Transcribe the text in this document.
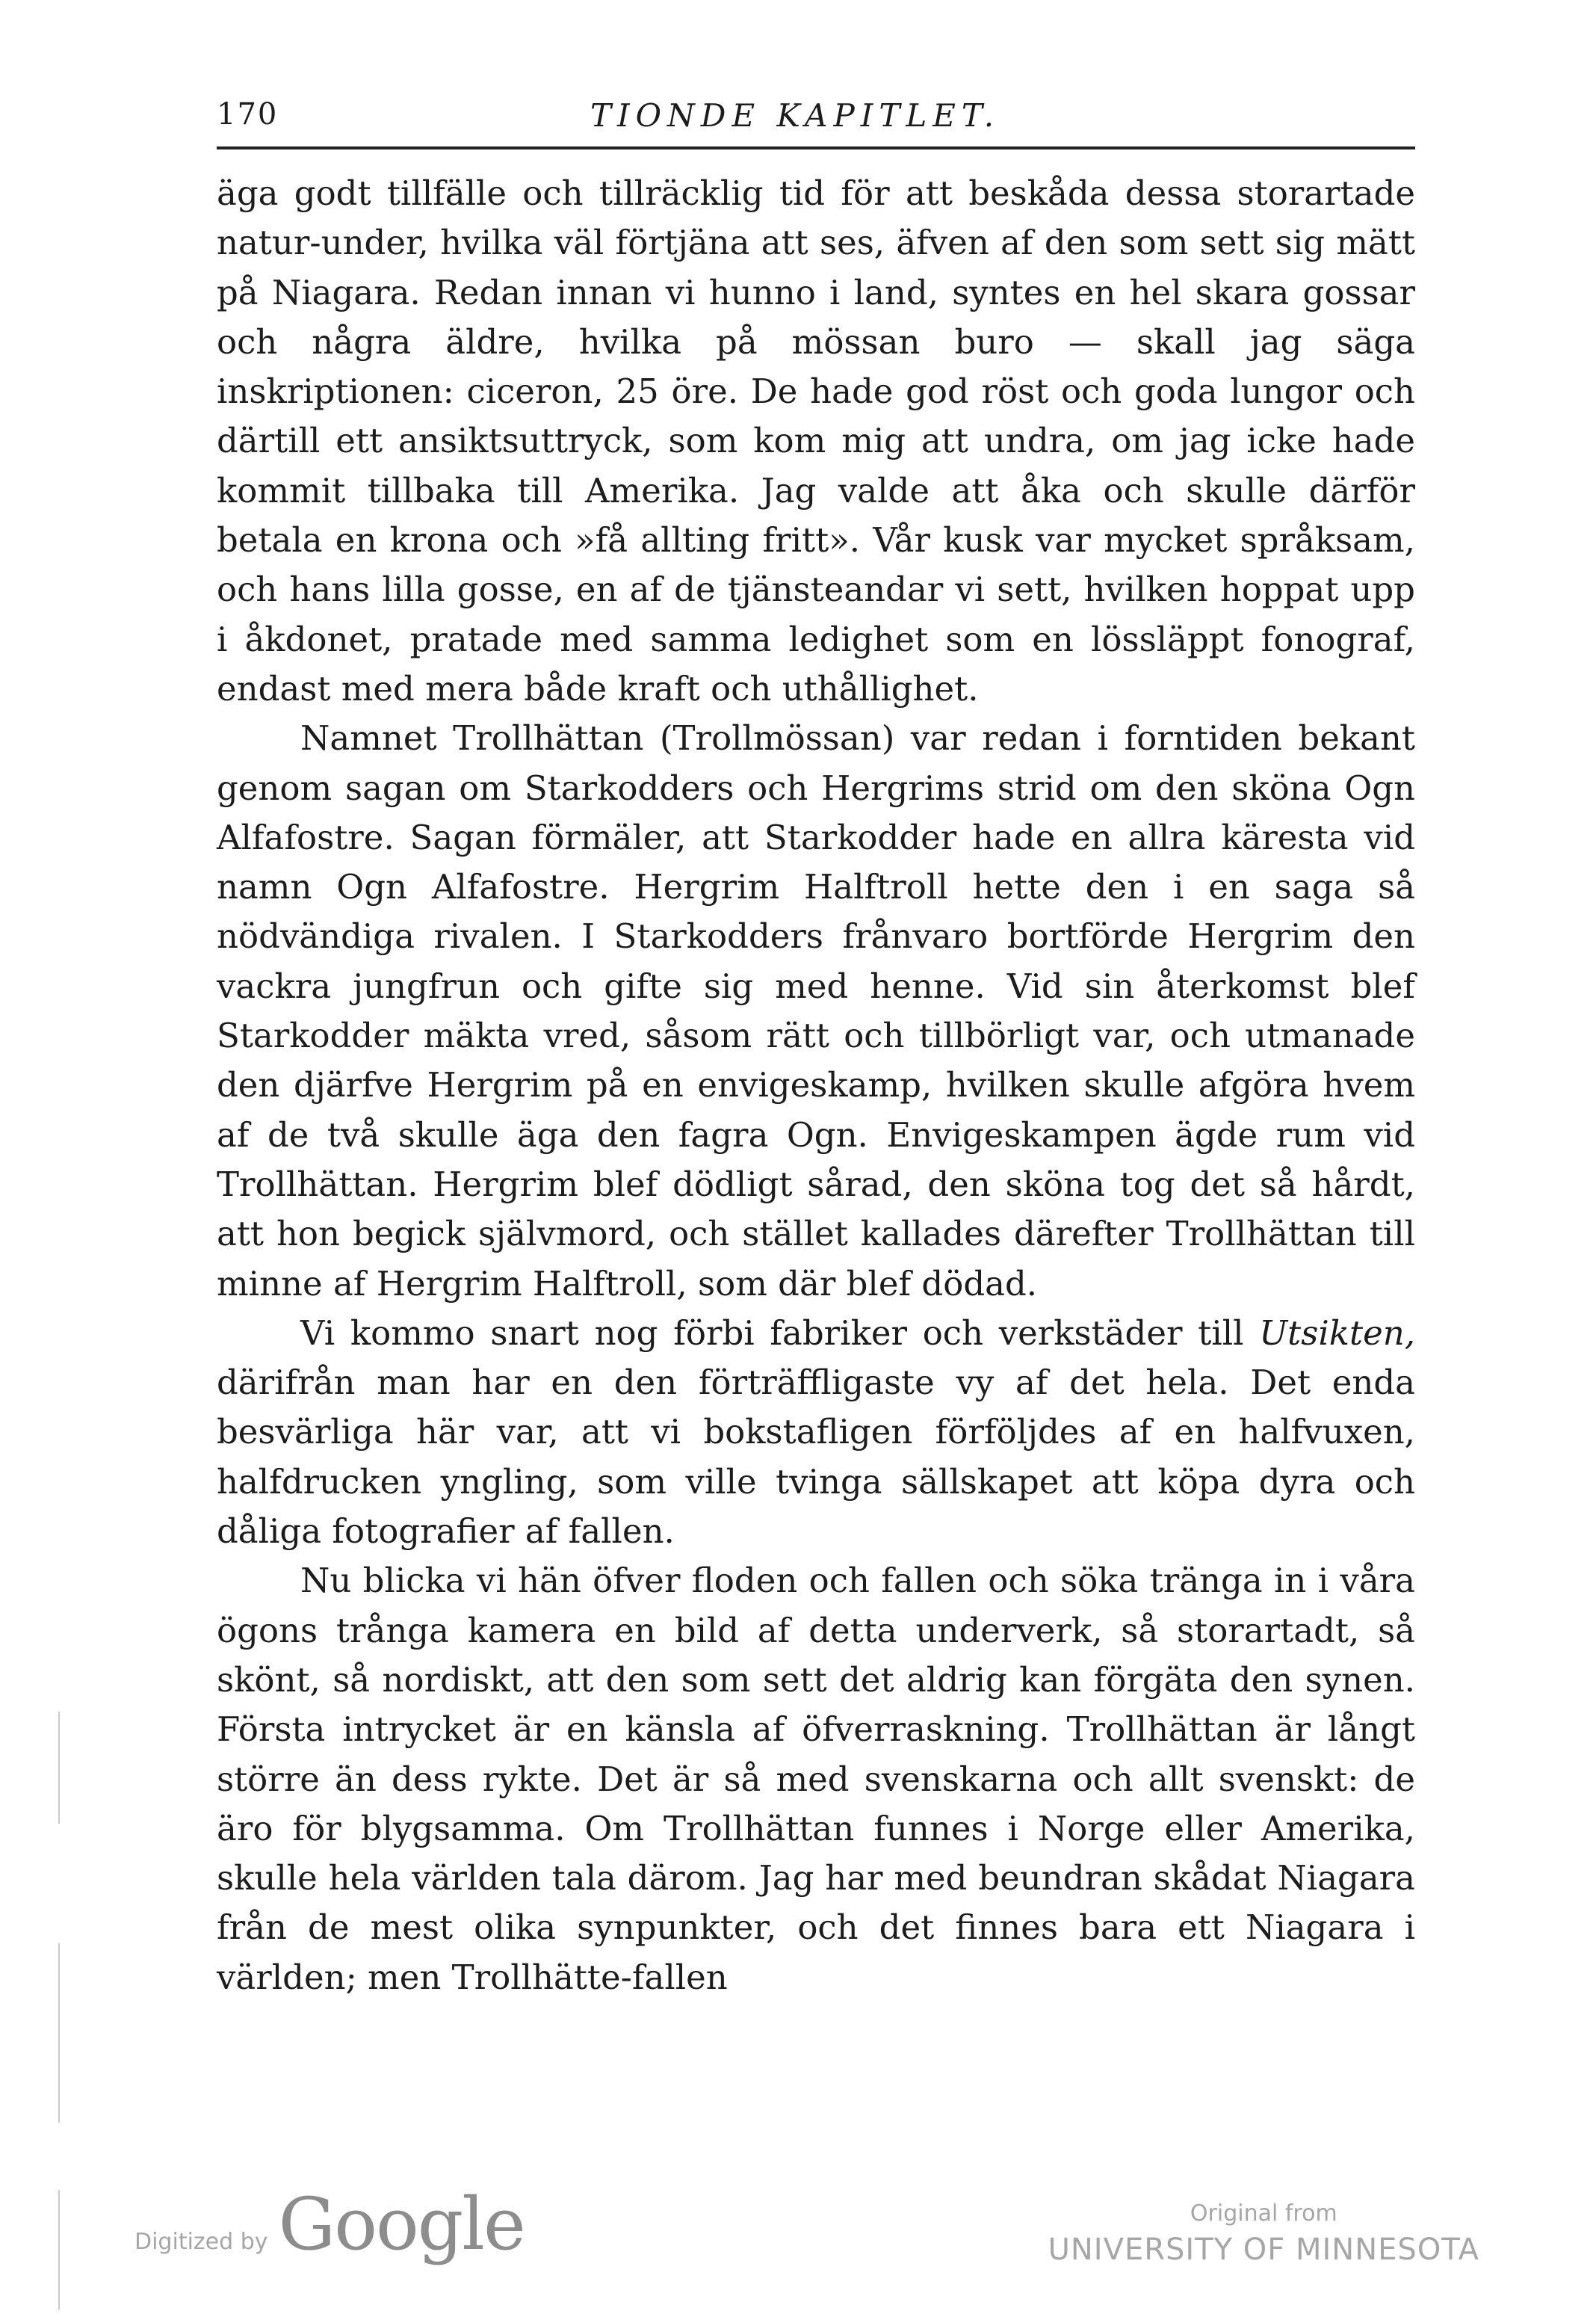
170	TIONDE KAPITLET.

äga godt tillfälle och tillräcklig tid för att beskåda dessa storartade natur-under, hvilka väl förtjäna att ses, äfven af den som sett sig mätt på Niagara. Redan innan vi hunno i land, syntes en hel skara gossar och några äldre, hvilka på mössan buro — skall jag säga inskriptionen: ciceron, 25 öre. De hade god röst och goda lungor och därtill ett ansiktsuttryck, som kom mig att undra, om jag icke hade kommit tillbaka till Amerika. Jag valde att åka och skulle därför betala en krona och »få allting fritt». Vår kusk var mycket språksam, och hans lilla gosse, en af de tjänsteandar vi sett, hvilken hoppat upp i åkdonet, pratade med samma ledighet som en lössläppt fonograf, endast med mera både kraft och uthållighet.

Namnet Trollhättan (Trollmössan) var redan i forntiden bekant genom sagan om Starkodders och Hergrims strid om den sköna Ogn Alfafostre. Sagan förmäler, att Starkodder hade en allra käresta vid namn Ogn Alfafostre. Hergrim Halftroll hette den i en saga så nödvändiga rivalen. I Starkodders frånvaro bortförde Hergrim den vackra jungfrun och gifte sig med henne. Vid sin återkomst blef Starkodder mäkta vred, såsom rätt och tillbörligt var, och utmanade den djärfve Hergrim på en envigeskamp, hvilken skulle afgöra hvem af de två skulle äga den fagra Ogn. Envigeskampen ägde rum vid Trollhättan. Hergrim blef dödligt sårad, den sköna tog det så hårdt, att hon begick självmord, och stället kallades därefter Trollhättan till minne af Hergrim Halftroll, som där blef dödad.

Vi kommo snart nog förbi fabriker och verkstäder till Utsikten, därifrån man har en den förträffligaste vy af det hela. Det enda besvärliga här var, att vi bokstafligen förföljdes af en halfvuxen, halfdrucken yngling, som ville tvinga sällskapet att köpa dyra och dåliga fotografier af fallen.

Nu blicka vi hän öfver floden och fallen och söka tränga in i våra ögons trånga kamera en bild af detta underverk, så storartadt, så skönt, så nordiskt, att den som sett det aldrig kan förgäta den synen. Första intrycket är en känsla af öfverraskning. Trollhättan är långt större än dess rykte. Det är så med svenskarna och allt svenskt: de äro för blygsamma. Om Trollhättan funnes i Norge eller Amerika, skulle hela världen tala därom. Jag har med beundran skådat Niagara från de mest olika synpunkter, och det finnes bara ett Niagara i världen; men Trollhätte-fallen

Digitized by Google	Original from
UNIVERSITY OF MINNESOTA
